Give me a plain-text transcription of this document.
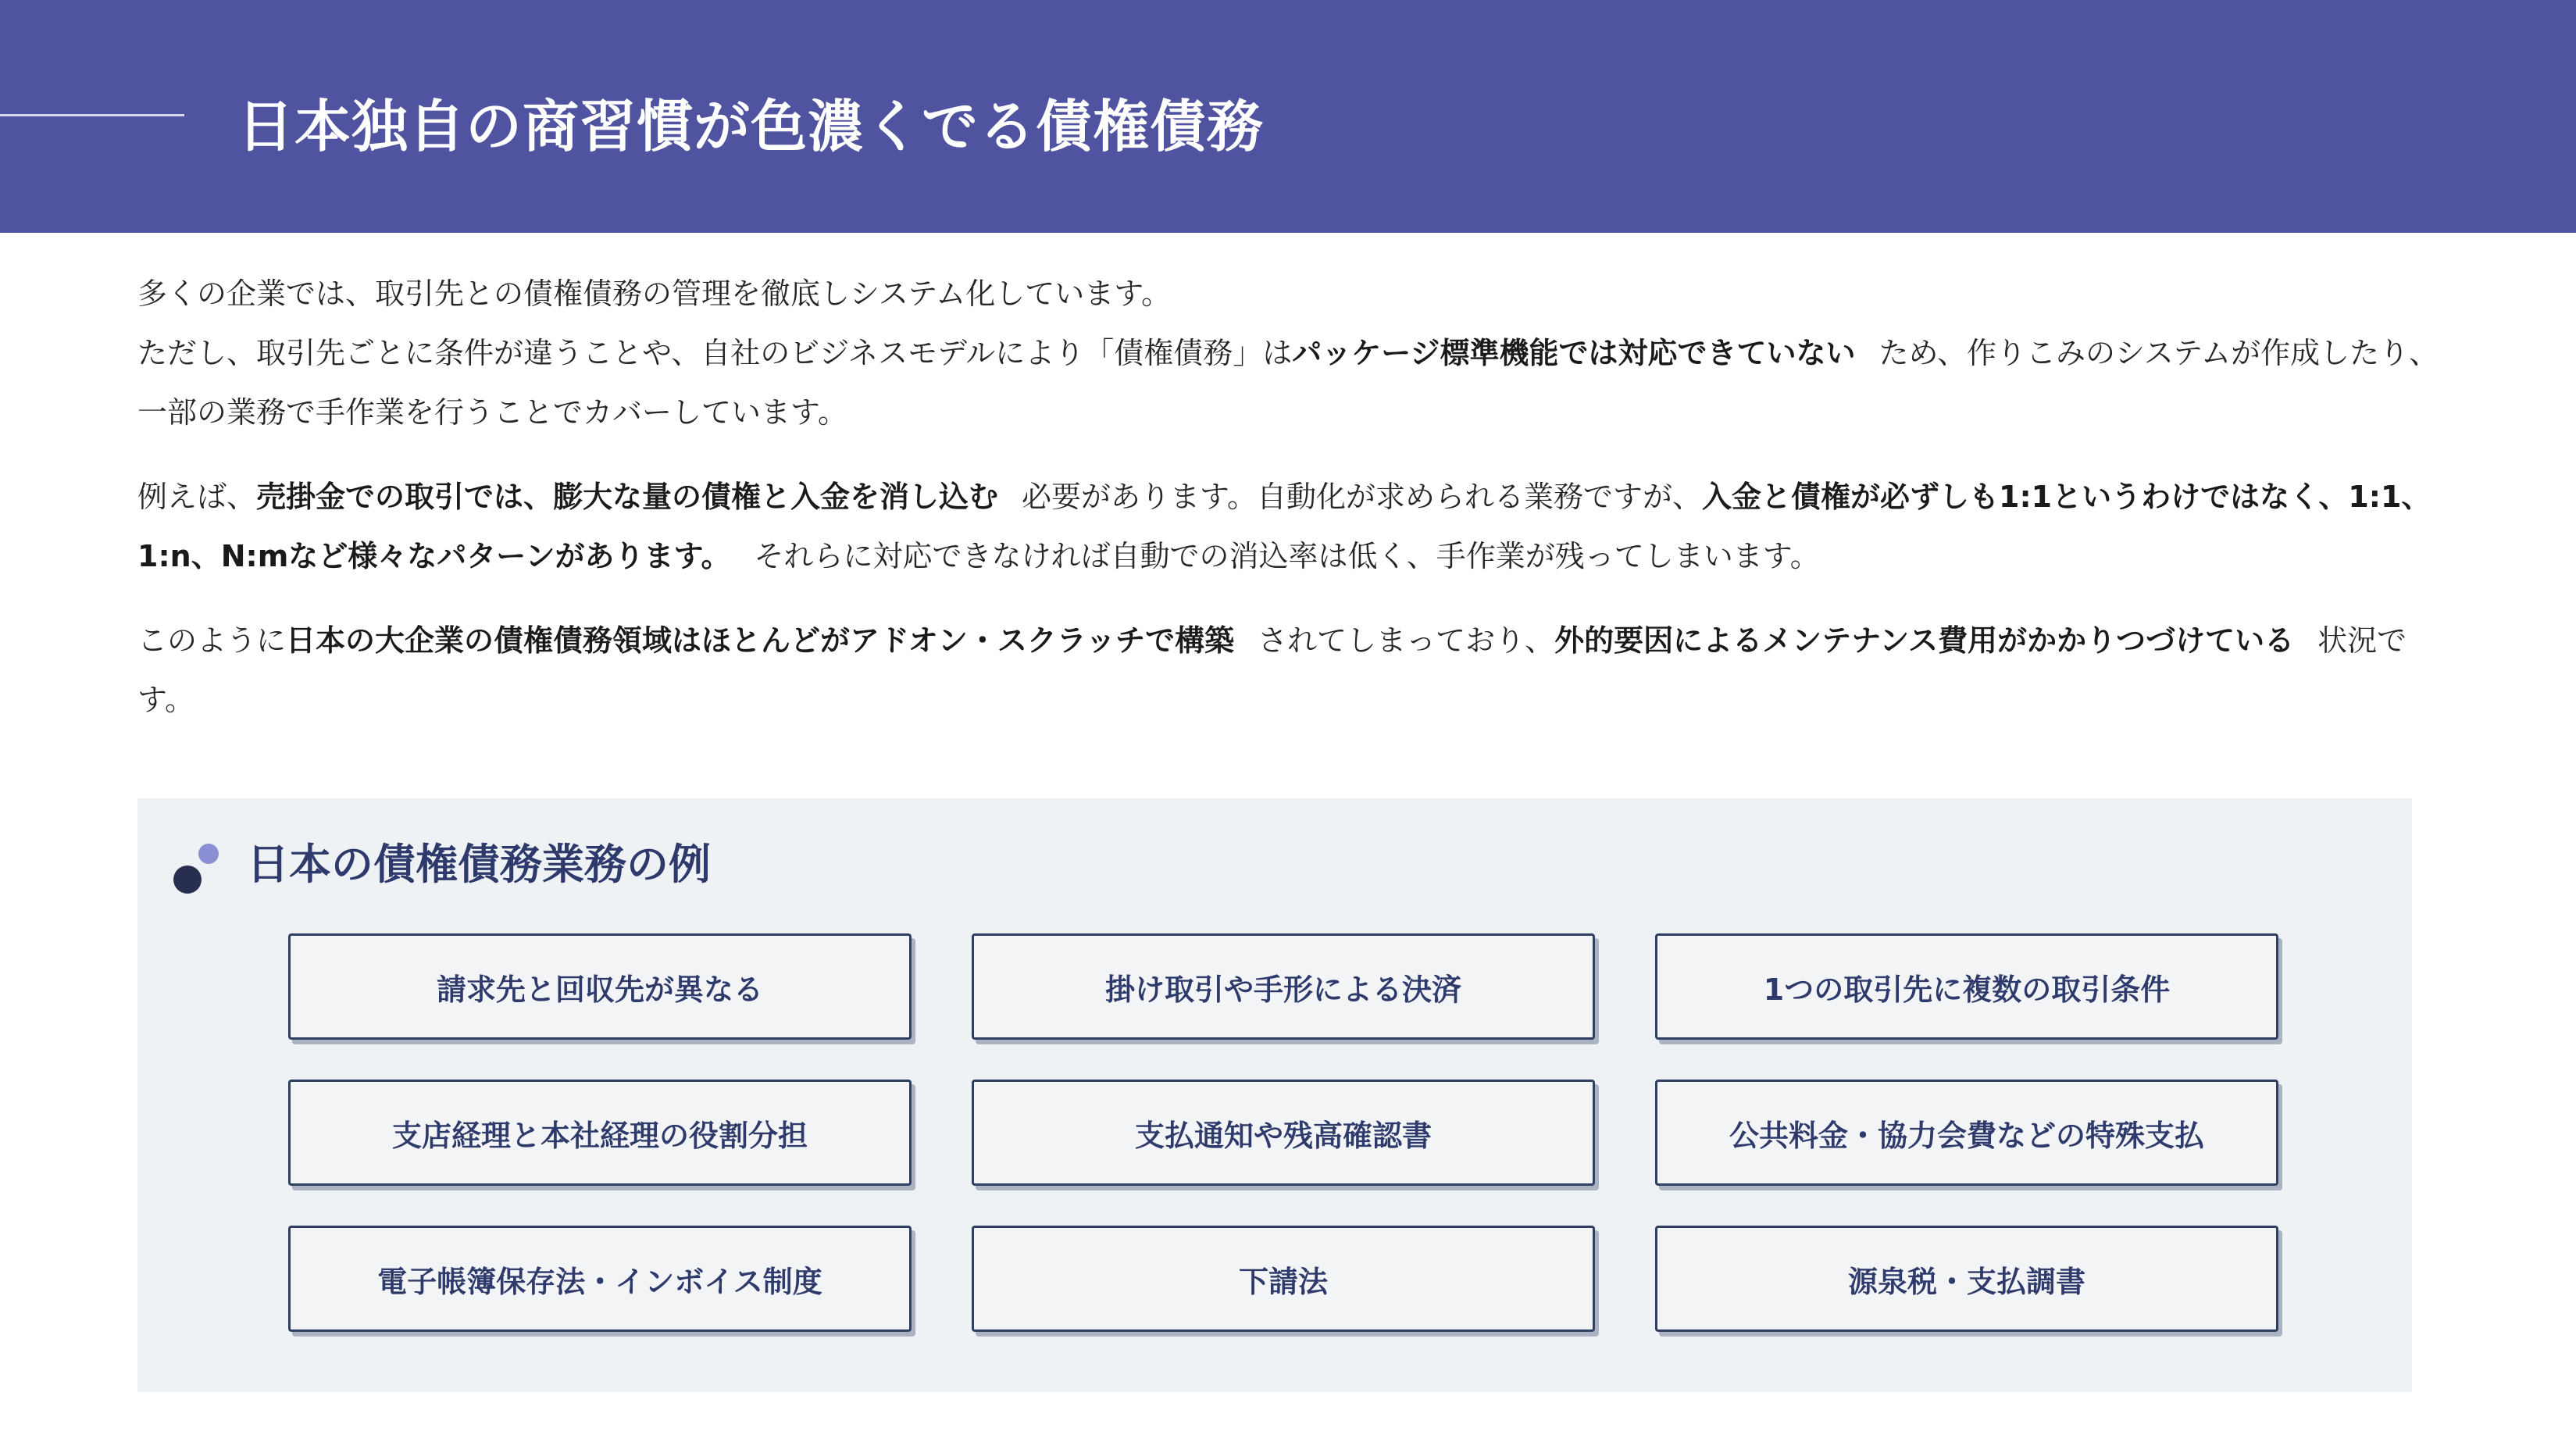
日本独自の商習慣が色濃くでる債権債務
多くの企業では、取引先との債権債務の管理を徹底しシステム化しています。
ただし、取引先ごとに条件が違うことや、自社のビジネスモデルにより「債権債務」はパッケージ標準機能では対応できていない ため、作りこみのシステムが作成したり、一部の業務で手作業を行うことでカバーしています。
例えば、売掛金での取引では、膨大な量の債権と入金を消し込む 必要があります。自動化が求められる業務ですが、入金と債権が必ずしも1:1というわけではなく、1:1、1:n、N:mなど様々なパターンがあります。 それらに対応できなければ自動での消込率は低く、手作業が残ってしまいます。
このように日本の大企業の債権債務領域はほとんどがアドオン・スクラッチで構築 されてしまっており、外的要因によるメンテナンス費用がかかりつづけている 状況です。
日本の債権債務業務の例
請求先と回収先が異なる	掛け取引や手形による決済	1つの取引先に複数の取引条件
支店経理と本社経理の役割分担	支払通知や残高確認書	公共料金・協力会費などの特殊支払
電子帳簿保存法・インボイス制度	下請法	源泉税・支払調書
